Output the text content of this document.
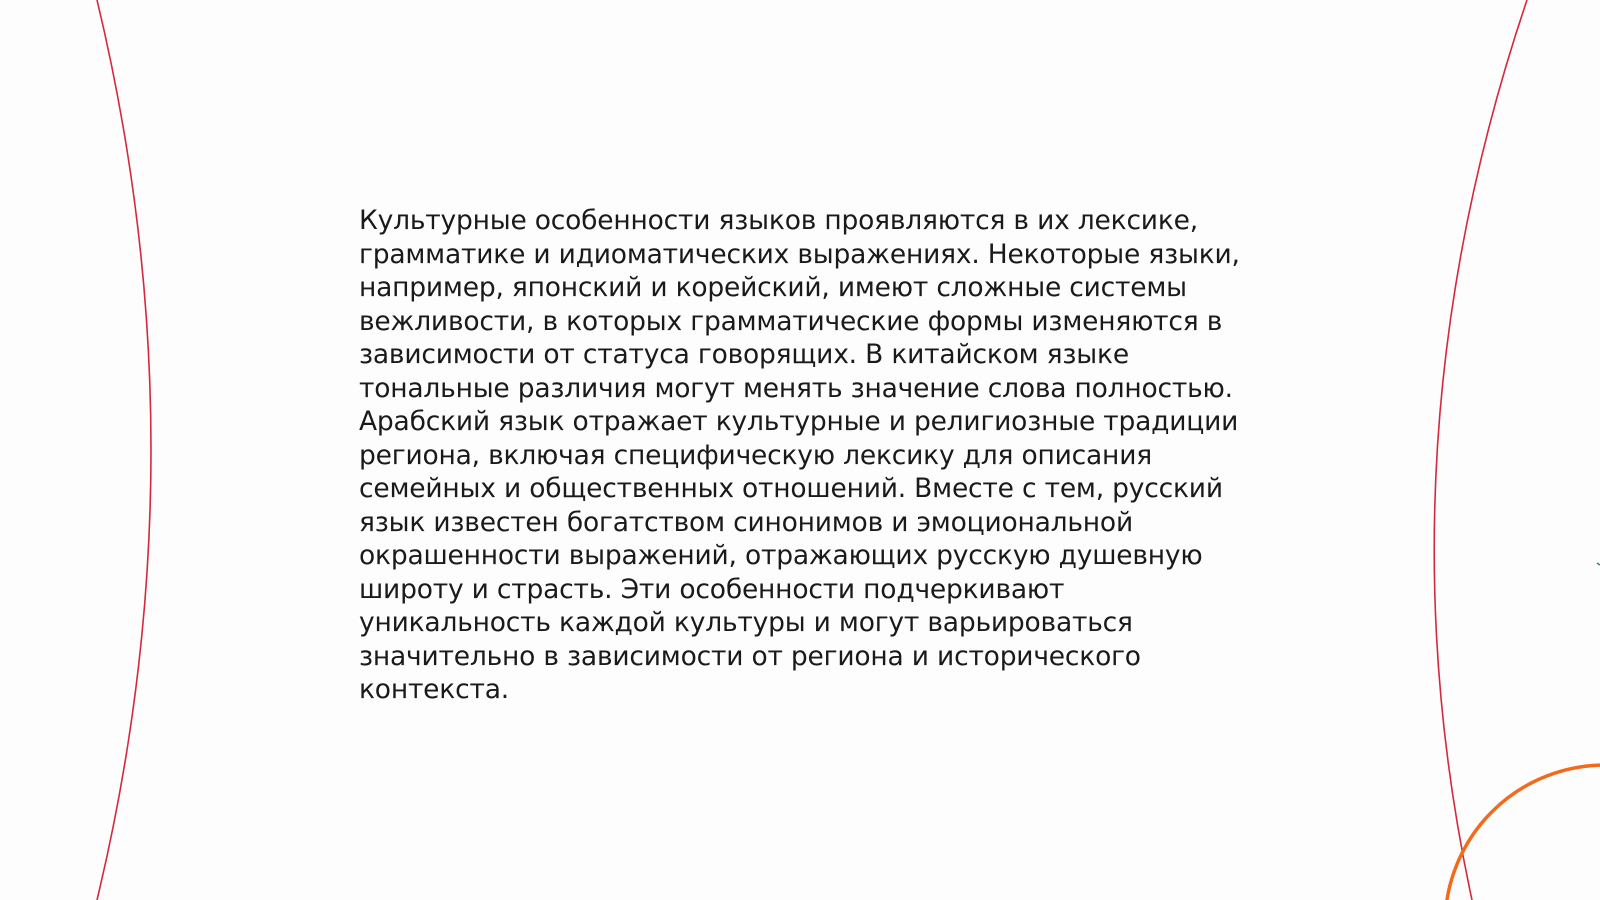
Культурные особенности языков проявляются в их лексике,
грамматике и идиоматических выражениях. Некоторые языки,
например, японский и корейский, имеют сложные системы
вежливости, в которых грамматические формы изменяются в
зависимости от статуса говорящих. В китайском языке
тональные различия могут менять значение слова полностью.
Арабский язык отражает культурные и религиозные традиции
региона, включая специфическую лексику для описания
семейных и общественных отношений. Вместе с тем, русский
язык известен богатством синонимов и эмоциональной
окрашенности выражений, отражающих русскую душевную
широту и страсть. Эти особенности подчеркивают
уникальность каждой культуры и могут варьироваться
значительно в зависимости от региона и исторического
контекста.
